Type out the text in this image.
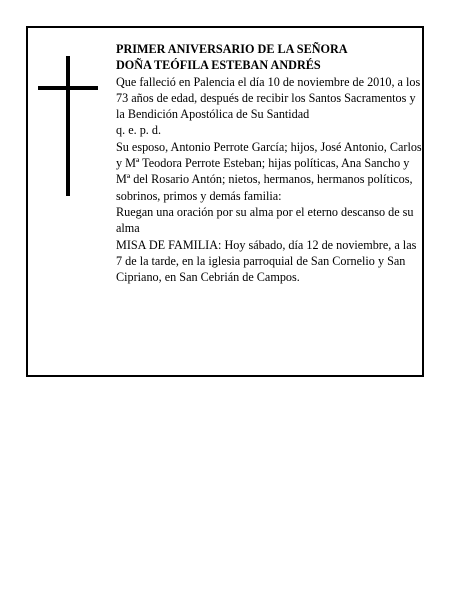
PRIMER ANIVERSARIO DE LA SEÑORA

DOÑA TEÓFILA ESTEBAN ANDRÉS

Que falleció en Palencia el día 10 de noviembre de 2010, a los 73 años de edad, después de recibir los Santos Sacramentos y la Bendición Apostólica de Su Santidad

q. e. p. d.

Su esposo, Antonio Perrote García; hijos, José Antonio, Carlos y Mª Teodora Perrote Esteban; hijas políticas, Ana Sancho y Mª del Rosario Antón; nietos, hermanos, hermanos políticos, sobrinos, primos y demás familia:

Ruegan una oración por su alma por el eterno descanso de su alma

MISA DE FAMILIA: Hoy sábado, día 12 de noviembre, a las 7 de la tarde, en la iglesia parroquial de San Cornelio y San Cipriano, en San Cebrián de Campos.
